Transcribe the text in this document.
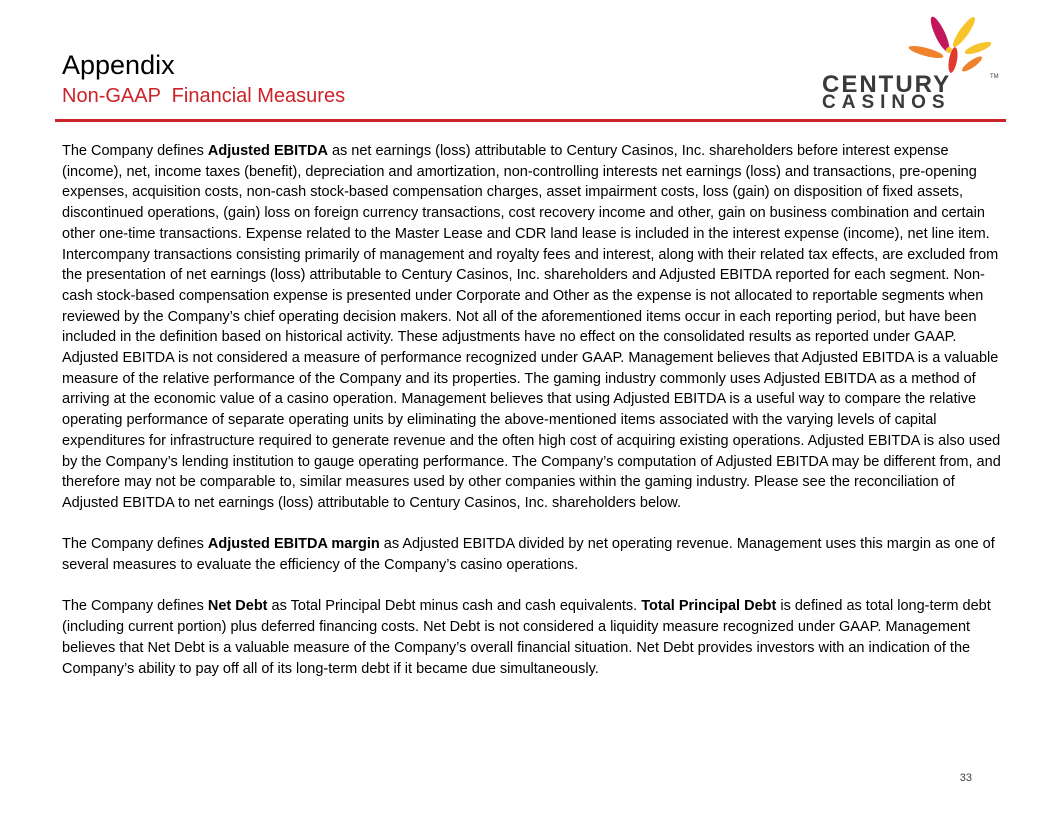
Appendix
Non-GAAP  Financial Measures	CENTURY	TM
CASINOS

The Company defines Adjusted EBITDA as net earnings (loss) attributable to Century Casinos, Inc. shareholders before interest expense (income), net, income taxes (benefit), depreciation and amortization, non-controlling interests net earnings (loss) and transactions, pre-opening expenses, acquisition costs, non-cash stock-based compensation charges, asset impairment costs, loss (gain) on disposition of fixed assets, discontinued operations, (gain) loss on foreign currency transactions, cost recovery income and other, gain on business combination and certain other one-time transactions. Expense related to the Master Lease and CDR land lease is included in the interest expense (income), net line item. Intercompany transactions consisting primarily of management and royalty fees and interest, along with their related tax effects, are excluded from the presentation of net earnings (loss) attributable to Century Casinos, Inc. shareholders and Adjusted EBITDA reported for each segment. Non-cash stock-based compensation expense is presented under Corporate and Other as the expense is not allocated to reportable segments when reviewed by the Company’s chief operating decision makers. Not all of the aforementioned items occur in each reporting period, but have been included in the definition based on historical activity. These adjustments have no effect on the consolidated results as reported under GAAP. Adjusted EBITDA is not considered a measure of performance recognized under GAAP. Management believes that Adjusted EBITDA is a valuable measure of the relative performance of the Company and its properties. The gaming industry commonly uses Adjusted EBITDA as a method of arriving at the economic value of a casino operation. Management believes that using Adjusted EBITDA is a useful way to compare the relative operating performance of separate operating units by eliminating the above-mentioned items associated with the varying levels of capital expenditures for infrastructure required to generate revenue and the often high cost of acquiring existing operations. Adjusted EBITDA is also used by the Company’s lending institution to gauge operating performance. The Company’s computation of Adjusted EBITDA may be different from, and therefore may not be comparable to, similar measures used by other companies within the gaming industry. Please see the reconciliation of Adjusted EBITDA to net earnings (loss) attributable to Century Casinos, Inc. shareholders below.

The Company defines Adjusted EBITDA margin as Adjusted EBITDA divided by net operating revenue. Management uses this margin as one of several measures to evaluate the efficiency of the Company’s casino operations.

The Company defines Net Debt as Total Principal Debt minus cash and cash equivalents. Total Principal Debt is defined as total long-term debt (including current portion) plus deferred financing costs. Net Debt is not considered a liquidity measure recognized under GAAP. Management believes that Net Debt is a valuable measure of the Company’s overall financial situation. Net Debt provides investors with an indication of the Company’s ability to pay off all of its long-term debt if it became due simultaneously.

33
